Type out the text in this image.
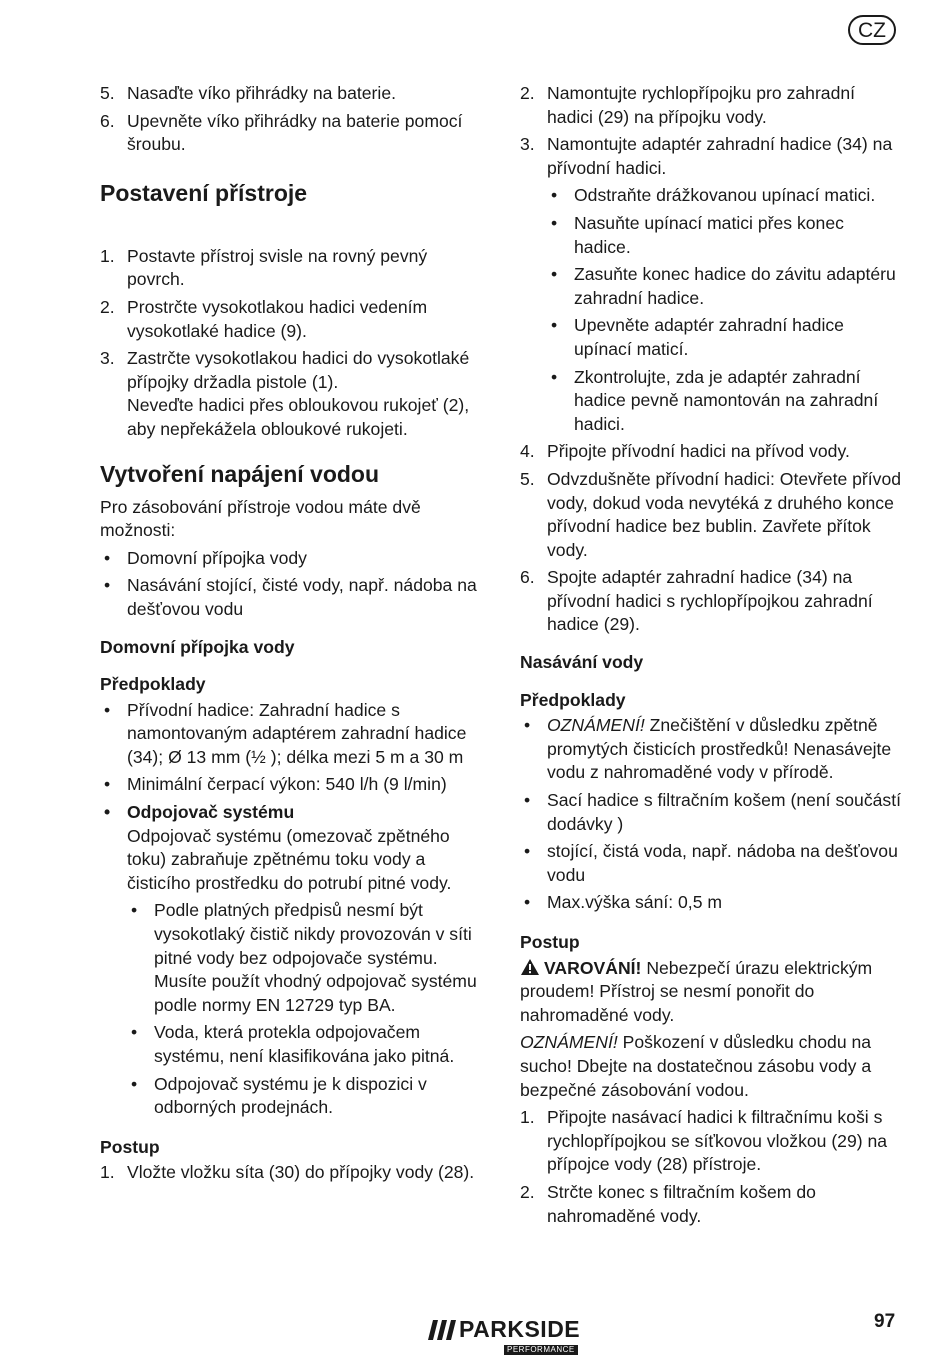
CZ
5. Nasaďte víko přihrádky na baterie.
6. Upevněte víko přihrádky na baterie pomocí šroubu.
Postavení přístroje
1. Postavte přístroj svisle na rovný pevný povrch.
2. Prostrčte vysokotlakou hadici vedením vysokotlaké hadice (9).
3. Zastrčte vysokotlakou hadici do vysokotlaké přípojky držadla pistole (1).
Neveďte hadici přes obloukovou rukojeť (2), aby nepřekážela obloukové rukojeti.
Vytvoření napájení vodou
Pro zásobování přístroje vodou máte dvě možnosti:
• Domovní přípojka vody
• Nasávání stojící, čisté vody, např. nádoba na dešťovou vodu
Domovní přípojka vody
Předpoklady
• Přívodní hadice: Zahradní hadice s namontovaným adaptérem zahradní hadice (34); Ø 13 mm (½ ); délka mezi 5 m a 30 m
• Minimální čerpací výkon: 540 l/h (9 l/min)
• Odpojovač systému
Odpojovač systému (omezovač zpětného toku) zabraňuje zpětnému toku vody a čisticího prostředku do potrubí pitné vody.
• Podle platných předpisů nesmí být vysokotlaký čistič nikdy provozován v síti pitné vody bez odpojovače systému. Musíte použít vhodný odpojovač systému podle normy EN 12729 typ BA.
• Voda, která protekla odpojovačem systému, není klasifikována jako pitná.
• Odpojovač systému je k dispozici v odborných prodejnách.
Postup
1. Vložte vložku síta (30) do přípojky vody (28).
2. Namontujte rychlopřípojku pro zahradní hadici (29) na přípojku vody.
3. Namontujte adaptér zahradní hadice (34) na přívodní hadici.
• Odstraňte drážkovanou upínací matici.
• Nasuňte upínací matici přes konec hadice.
• Zasuňte konec hadice do závitu adaptéru zahradní hadice.
• Upevněte adaptér zahradní hadice upínací maticí.
• Zkontrolujte, zda je adaptér zahradní hadice pevně namontován na zahradní hadici.
4. Připojte přívodní hadici na přívod vody.
5. Odvzdušněte přívodní hadici: Otevřete přívod vody, dokud voda nevytéká z druhého konce přívodní hadice bez bublin. Zavřete přítok vody.
6. Spojte adaptér zahradní hadice (34) na přívodní hadici s rychlopřípojkou zahradní hadice (29).
Nasávání vody
Předpoklady
• OZNÁMENÍ! Znečištění v důsledku zpětně promytých čisticích prostředků! Nenasávejte vodu z nahromaděné vody v přírodě.
• Sací hadice s filtračním košem (není součástí dodávky )
• stojící, čistá voda, např. nádoba na dešťovou vodu
• Max.výška sání: 0,5 m
Postup
VAROVÁNÍ! Nebezpečí úrazu elektrickým proudem! Přístroj se nesmí ponořit do nahromaděné vody.
OZNÁMENÍ! Poškození v důsledku chodu na sucho! Dbejte na dostatečnou zásobu vody a bezpečné zásobování vodou.
1. Připojte nasávací hadici k filtračnímu koši s rychlopřípojkou se síťkovou vložkou (29) na přípojce vody (28) přístroje.
2. Strčte konec s filtračním košem do nahromaděné vody.
PARKSIDE
PERFORMANCE
97
